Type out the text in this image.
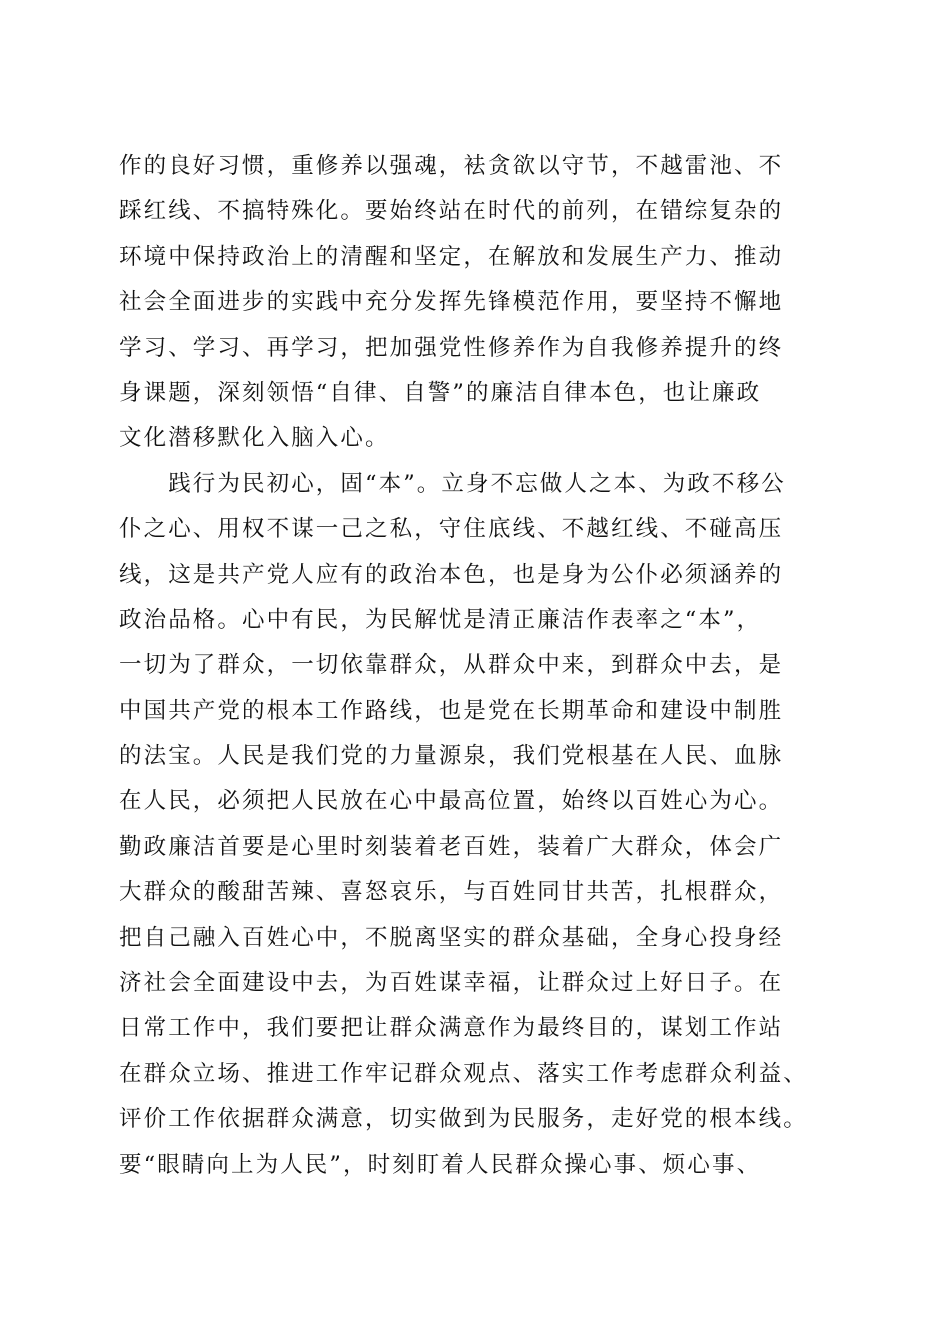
作的良好习惯，重修养以强魂，袪贪欲以守节，不越雷池、不
踩红线、不搞特殊化。要始终站在时代的前列，在错综复杂的
环境中保持政治上的清醒和坚定，在解放和发展生产力、推动
社会全面进步的实践中充分发挥先锋模范作用，要坚持不懈地
学习、学习、再学习，把加强党性修养作为自我修养提升的终
身课题，深刻领悟“自律、自警”的廉洁自律本色，也让廉政
文化潜移默化入脑入心。
　　践行为民初心，固“本”。立身不忘做人之本、为政不移公
仆之心、用权不谋一己之私，守住底线、不越红线、不碰高压
线，这是共产党人应有的政治本色，也是身为公仆必须涵养的
政治品格。心中有民，为民解忧是清正廉洁作表率之“本”，
一切为了群众，一切依靠群众，从群众中来，到群众中去，是
中国共产党的根本工作路线，也是党在长期革命和建设中制胜
的法宝。人民是我们党的力量源泉，我们党根基在人民、血脉
在人民，必须把人民放在心中最高位置，始终以百姓心为心。
勤政廉洁首要是心里时刻装着老百姓，装着广大群众，体会广
大群众的酸甜苦辣、喜怒哀乐，与百姓同甘共苦，扎根群众，
把自己融入百姓心中，不脱离坚实的群众基础，全身心投身经
济社会全面建设中去，为百姓谋幸福，让群众过上好日子。在
日常工作中，我们要把让群众满意作为最终目的，谋划工作站
在群众立场、推进工作牢记群众观点、落实工作考虑群众利益、
评价工作依据群众满意，切实做到为民服务，走好党的根本线。
要“眼睛向上为人民”，时刻盯着人民群众操心事、烦心事、
